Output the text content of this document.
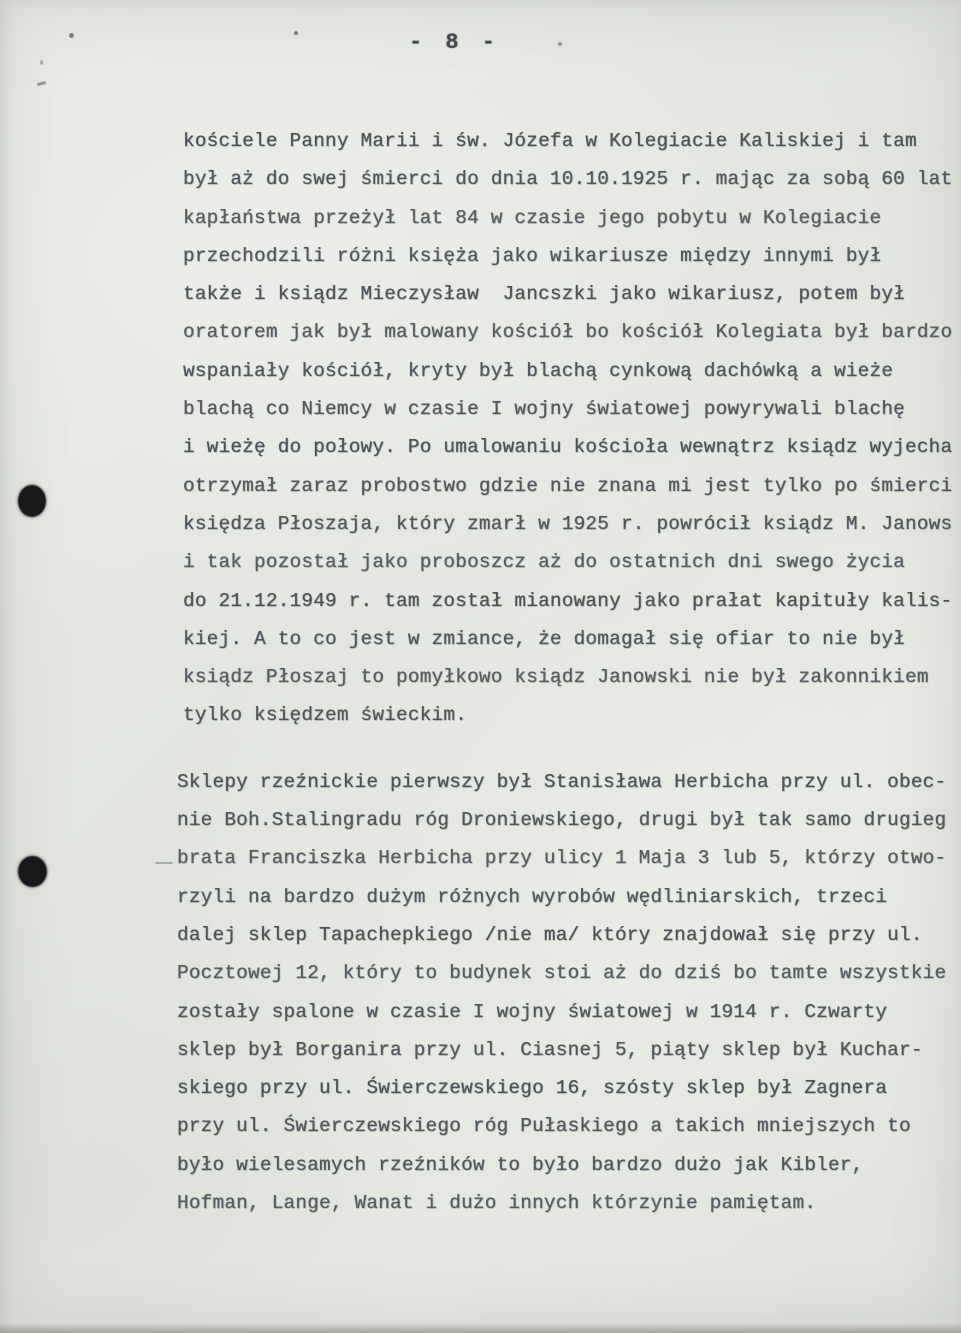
- 8 -
kościele Panny Marii i św. Józefa w Kolegiacie Kaliskiej i tam
był aż do swej śmierci do dnia 10.10.1925 r. mając za sobą 60 lat
kapłaństwa przeżył lat 84 w czasie jego pobytu w Kolegiacie
przechodzili różni księża jako wikariusze między innymi był
także i ksiądz Mieczysław  Jancszki jako wikariusz, potem był
oratorem jak był malowany kościół bo kościół Kolegiata był bardzo
wspaniały kościół, kryty był blachą cynkową dachówką a wieże
blachą co Niemcy w czasie I wojny światowej powyrywali blachę
i wieżę do połowy. Po umalowaniu kościoła wewnątrz ksiądz wyjecha
otrzymał zaraz probostwo gdzie nie znana mi jest tylko po śmierci
księdza Płoszaja, który zmarł w 1925 r. powrócił ksiądz M. Janows
i tak pozostał jako proboszcz aż do ostatnich dni swego życia
do 21.12.1949 r. tam został mianowany jako prałat kapituły kalis-
kiej. A to co jest w zmiance, że domagał się ofiar to nie był
ksiądz Płoszaj to pomyłkowo ksiądz Janowski nie był zakonnikiem
tylko księdzem świeckim.
Sklepy rzeźnickie pierwszy był Stanisława Herbicha przy ul. obec-
nie Boh.Stalingradu róg Droniewskiego, drugi był tak samo drugieg
brata Franciszka Herbicha przy ulicy 1 Maja 3 lub 5, którzy otwo-
rzyli na bardzo dużym różnych wyrobów wędliniarskich, trzeci
dalej sklep Tapachepkiego /nie ma/ który znajdował się przy ul.
Pocztowej 12, który to budynek stoi aż do dziś bo tamte wszystkie
zostały spalone w czasie I wojny światowej w 1914 r. Czwarty
sklep był Borganira przy ul. Ciasnej 5, piąty sklep był Kuchar-
skiego przy ul. Świerczewskiego 16, szósty sklep był Zagnera
przy ul. Świerczewskiego róg Pułaskiego a takich mniejszych to
było wielesamych rzeźników to było bardzo dużo jak Kibler,
Hofman, Lange, Wanat i dużo innych którzynie pamiętam.
